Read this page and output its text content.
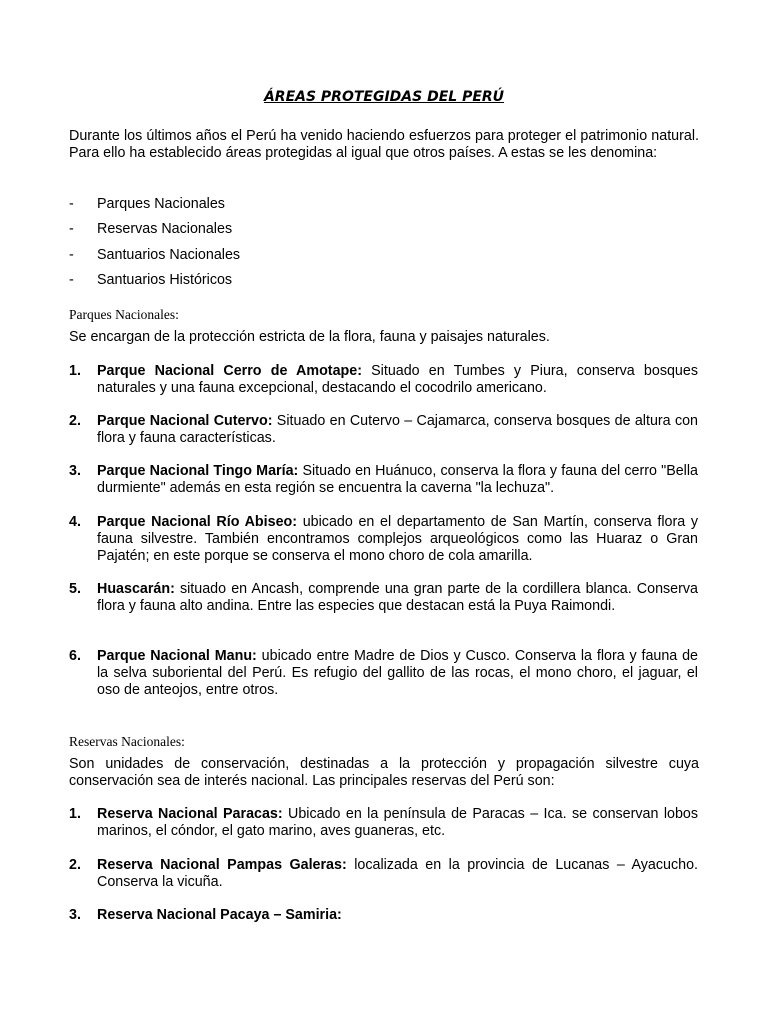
ÁREAS PROTEGIDAS DEL PERÚ
Durante los últimos años el Perú ha venido haciendo esfuerzos para proteger el patrimonio natural. Para ello ha establecido áreas protegidas al igual que otros países. A estas se les denomina:
- Parques Nacionales
- Reservas Nacionales
- Santuarios Nacionales
- Santuarios Históricos
Parques Nacionales:
Se encargan de la protección estricta de la flora, fauna y paisajes naturales.
1. Parque Nacional Cerro de Amotape: Situado en Tumbes y Piura, conserva bosques naturales y una fauna excepcional, destacando el cocodrilo americano.
2. Parque Nacional Cutervo: Situado en Cutervo – Cajamarca, conserva bosques de altura con flora y fauna características.
3. Parque Nacional Tingo María: Situado en Huánuco, conserva la flora y fauna del cerro "Bella durmiente" además en esta región se encuentra la caverna "la lechuza".
4. Parque Nacional Río Abiseo: ubicado en el departamento de San Martín, conserva flora y fauna silvestre. También encontramos complejos arqueológicos como las Huaraz o Gran Pajatén; en este porque se conserva el mono choro de cola amarilla.
5. Huascarán: situado en Ancash, comprende una gran parte de la cordillera blanca. Conserva flora y fauna alto andina. Entre las especies que destacan está la Puya Raimondi.
6. Parque Nacional Manu: ubicado entre Madre de Dios y Cusco. Conserva la flora y fauna de la selva suboriental del Perú. Es refugio del gallito de las rocas, el mono choro, el jaguar, el oso de anteojos, entre otros.
Reservas Nacionales:
Son unidades de conservación, destinadas a la protección y propagación silvestre cuya conservación sea de interés nacional. Las principales reservas del Perú son:
1. Reserva Nacional Paracas: Ubicado en la península de Paracas – Ica. se conservan lobos marinos, el cóndor, el gato marino, aves guaneras, etc.
2. Reserva Nacional Pampas Galeras: localizada en la provincia de Lucanas – Ayacucho. Conserva la vicuña.
3. Reserva Nacional Pacaya – Samiria:
